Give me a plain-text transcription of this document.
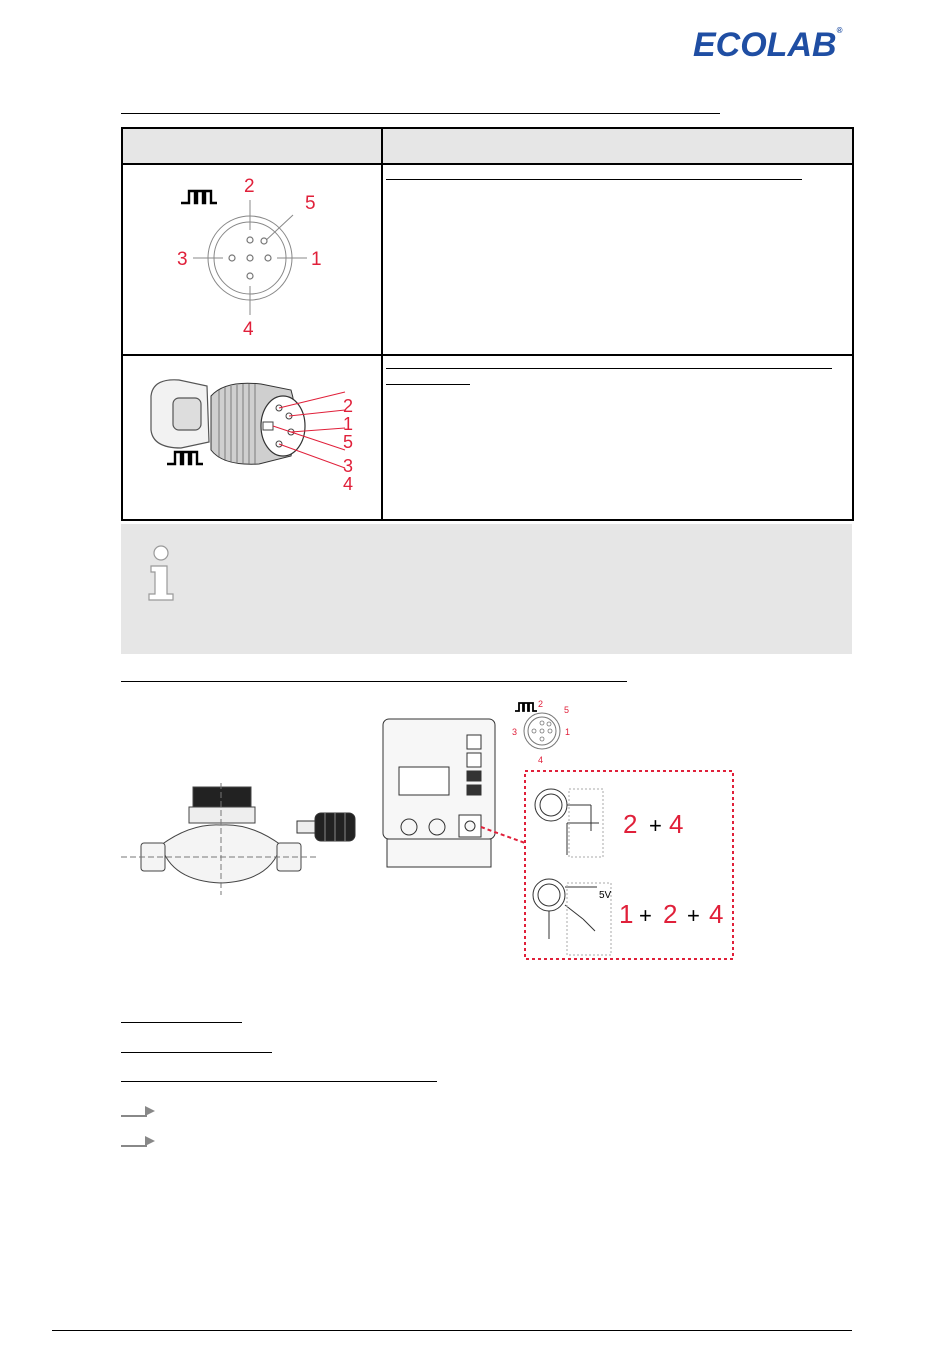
ECOLAB®

2
5
3 1
4	

2
1
5
3
4	

2
5
3	1
4
2 + 4
5V
1 + 2 + 4
